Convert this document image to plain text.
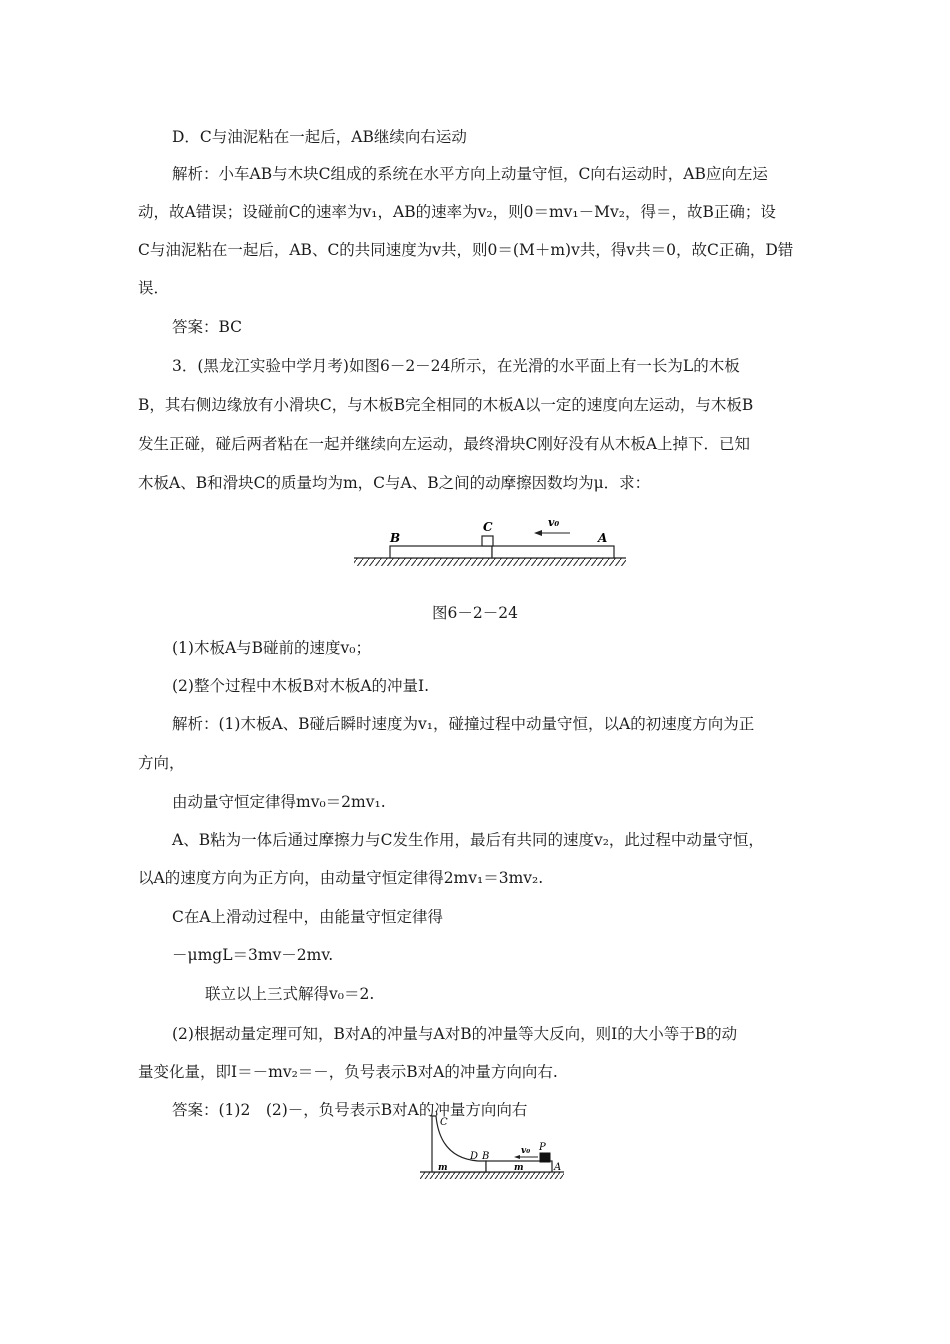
D．C与油泥粘在一起后，AB继续向右运动
解析：小车AB与木块C组成的系统在水平方向上动量守恒，C向右运动时，AB应向左运
动，故A错误；设碰前C的速率为v₁，AB的速率为v₂，则0＝mv₁－Mv₂，得＝，故B正确；设
C与油泥粘在一起后，AB、C的共同速度为v共，则0＝(M＋m)v共，得v共＝0，故C正确，D错
误．
答案：BC
3．(黑龙江实验中学月考)如图6－2－24所示，在光滑的水平面上有一长为L的木板
B，其右侧边缘放有小滑块C，与木板B完全相同的木板A以一定的速度向左运动，与木板B
发生正碰，碰后两者粘在一起并继续向左运动，最终滑块C刚好没有从木板A上掉下．已知
木板A、B和滑块C的质量均为m，C与A、B之间的动摩擦因数均为μ．求：
B
C	v₀
A
图6－2－24
(1)木板A与B碰前的速度v₀；
(2)整个过程中木板B对木板A的冲量I.
解析：(1)木板A、B碰后瞬时速度为v₁，碰撞过程中动量守恒，以A的初速度方向为正
方向，
由动量守恒定律得mv₀＝2mv₁.
A、B粘为一体后通过摩擦力与C发生作用，最后有共同的速度v₂，此过程中动量守恒，
以A的速度方向为正方向，由动量守恒定律得2mv₁＝3mv₂.
C在A上滑动过程中，由能量守恒定律得
－μmgL＝3mv－2mv.
联立以上三式解得v₀＝2.
(2)根据动量定理可知，B对A的冲量与A对B的冲量等大反向，则I的大小等于B的动
量变化量，即I＝－mv₂＝－，负号表示B对A的冲量方向向右.
答案：(1)2　(2)－，负号表示B对A的冲量方向向右
C
D B	v₀ P
A
m	m
